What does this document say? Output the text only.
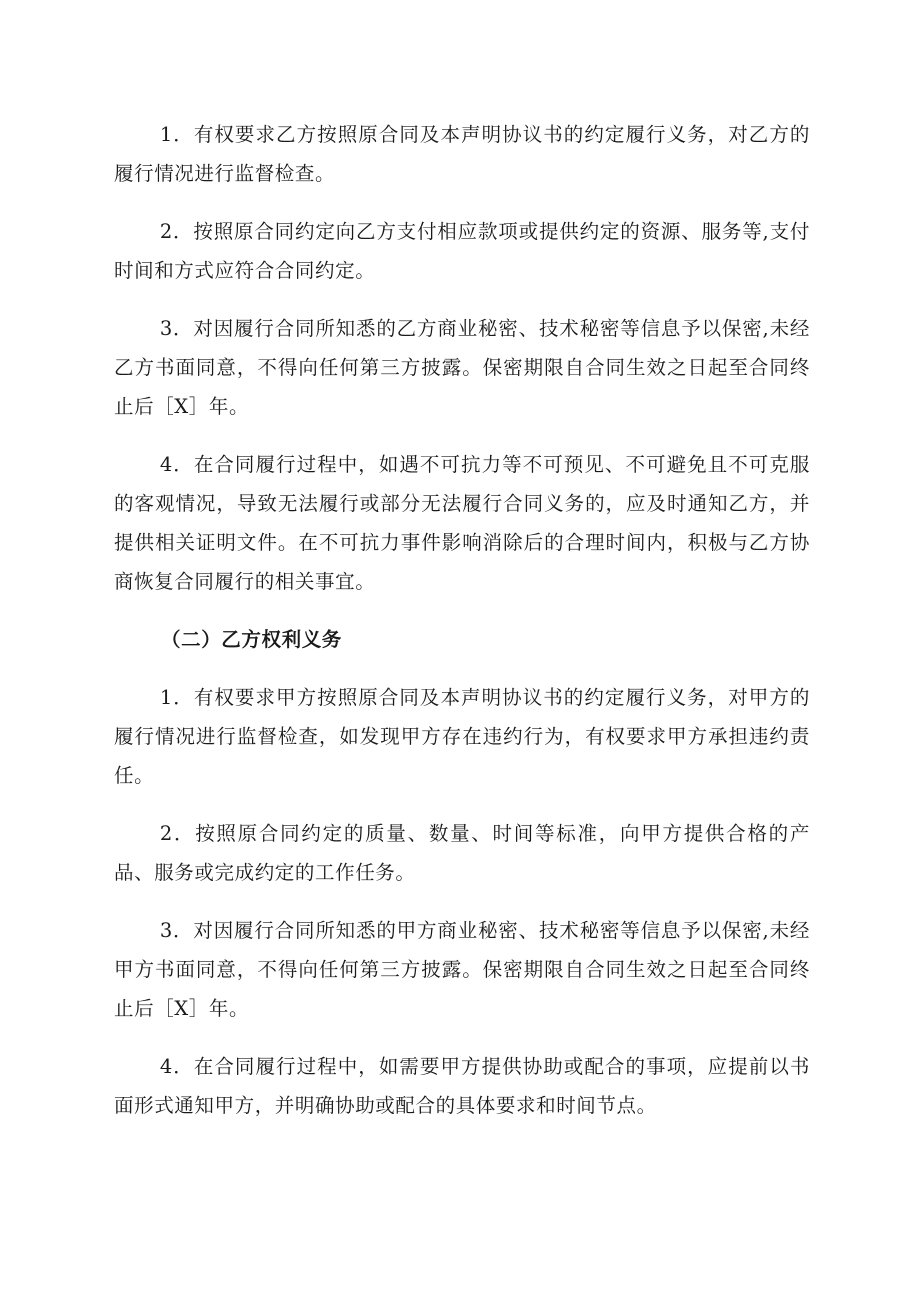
1．有权要求乙方按照原合同及本声明协议书的约定履行义务，对乙方的履行情况进行监督检查。

2．按照原合同约定向乙方支付相应款项或提供约定的资源、服务等,支付时间和方式应符合合同约定。

3．对因履行合同所知悉的乙方商业秘密、技术秘密等信息予以保密,未经乙方书面同意，不得向任何第三方披露。保密期限自合同生效之日起至合同终止后［X］年。

4．在合同履行过程中，如遇不可抗力等不可预见、不可避免且不可克服的客观情况，导致无法履行或部分无法履行合同义务的，应及时通知乙方，并提供相关证明文件。在不可抗力事件影响消除后的合理时间内，积极与乙方协商恢复合同履行的相关事宜。

（二）乙方权利义务

1．有权要求甲方按照原合同及本声明协议书的约定履行义务，对甲方的履行情况进行监督检查，如发现甲方存在违约行为，有权要求甲方承担违约责任。

2．按照原合同约定的质量、数量、时间等标准，向甲方提供合格的产品、服务或完成约定的工作任务。

3．对因履行合同所知悉的甲方商业秘密、技术秘密等信息予以保密,未经甲方书面同意，不得向任何第三方披露。保密期限自合同生效之日起至合同终止后［X］年。

4．在合同履行过程中，如需要甲方提供协助或配合的事项，应提前以书面形式通知甲方，并明确协助或配合的具体要求和时间节点。
